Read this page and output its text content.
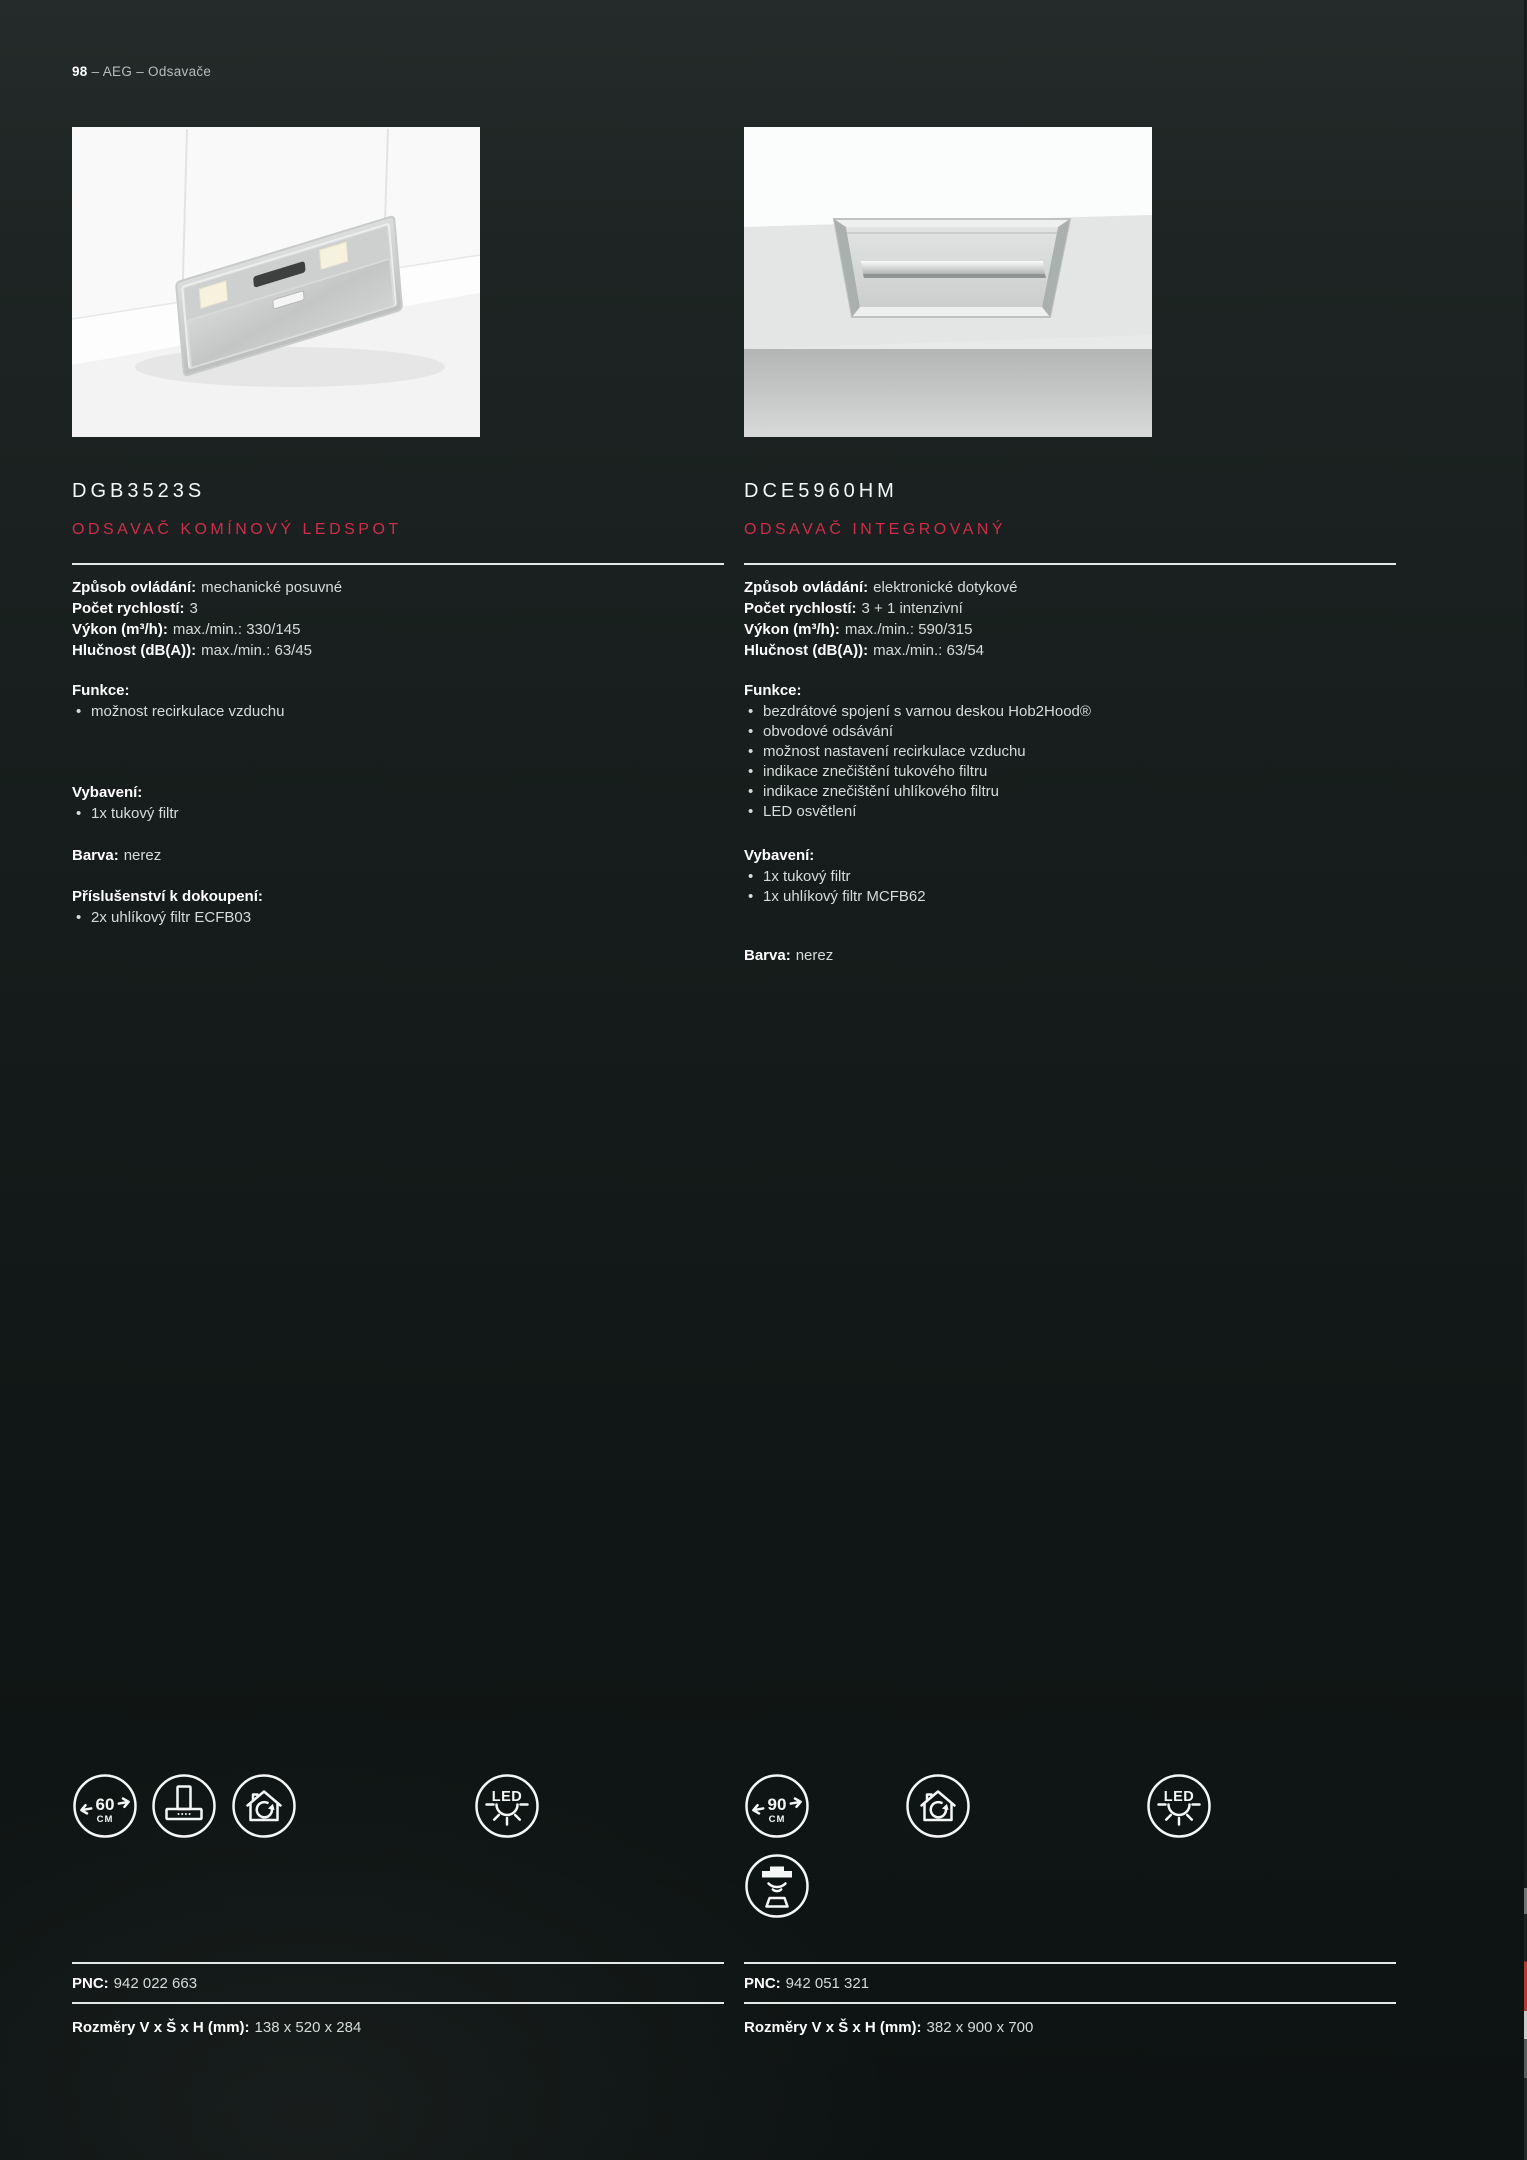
98 – AEG – Odsavače
DGB3523S
ODSAVAČ KOMÍNOVÝ LEDSPOT
Způsob ovládání: mechanické posuvné
Počet rychlostí: 3
Výkon (m³/h): max./min.: 330/145
Hlučnost (dB(A)): max./min.: 63/45
Funkce:
• možnost recirkulace vzduchu
Vybavení:
• 1x tukový filtr
Barva: nerez
Příslušenství k dokoupení:
• 2x uhlíkový filtr ECFB03
60
CM
LED
PNC: 942 022 663
Rozměry V x Š x H (mm): 138 x 520 x 284
DCE5960HM
ODSAVAČ INTEGROVANÝ
Způsob ovládání: elektronické dotykové
Počet rychlostí: 3 + 1 intenzivní
Výkon (m³/h): max./min.: 590/315
Hlučnost (dB(A)): max./min.: 63/54
Funkce:
• bezdrátové spojení s varnou deskou Hob2Hood®
• obvodové odsávání
• možnost nastavení recirkulace vzduchu
• indikace znečištění tukového filtru
• indikace znečištění uhlíkového filtru
• LED osvětlení
Vybavení:
• 1x tukový filtr
• 1x uhlíkový filtr MCFB62
Barva: nerez
90
CM
LED
PNC: 942 051 321
Rozměry V x Š x H (mm): 382 x 900 x 700
